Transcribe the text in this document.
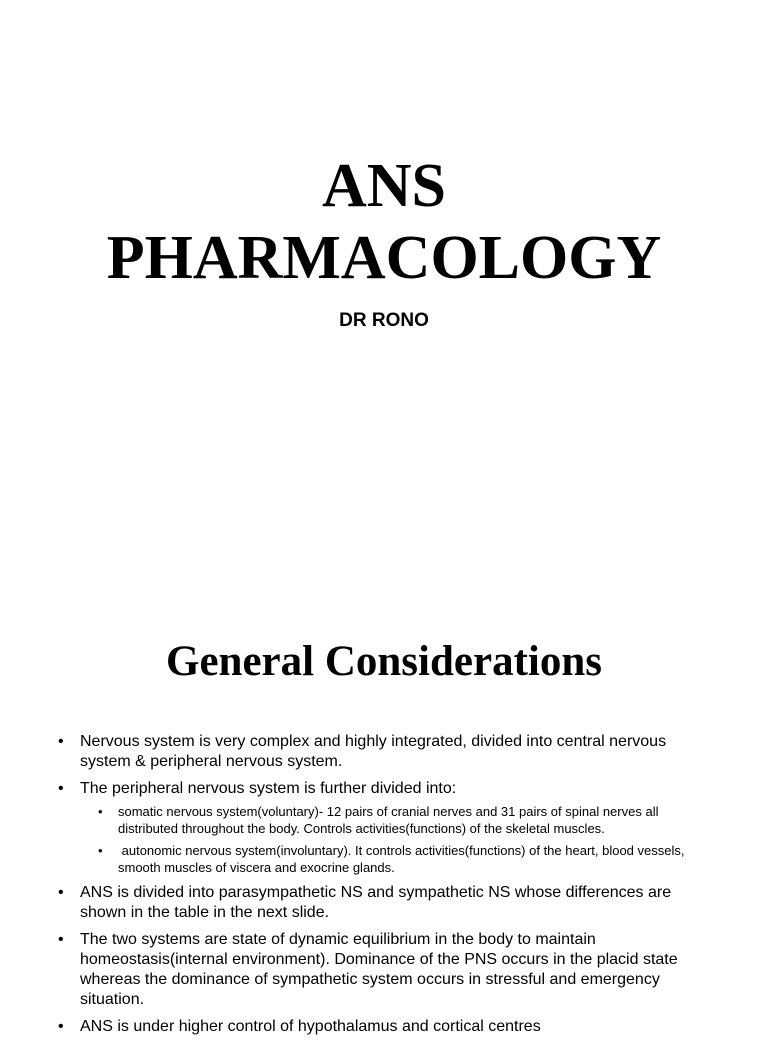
ANS
PHARMACOLOGY

DR RONO

General Considerations
• Nervous system is very complex and highly integrated, divided into central nervous system & peripheral nervous system.
• The peripheral nervous system is further divided into:
• somatic nervous system(voluntary)- 12 pairs of cranial nerves and 31 pairs of spinal nerves all distributed throughout the body. Controls activities(functions) of the skeletal muscles.
•  autonomic nervous system(involuntary). It controls activities(functions) of the heart, blood vessels, smooth muscles of viscera and exocrine glands.
• ANS is divided into parasympathetic NS and sympathetic NS whose differences are shown in the table in the next slide.
• The two systems are state of dynamic equilibrium in the body to maintain homeostasis(internal environment). Dominance of the PNS occurs in the placid state whereas the dominance of sympathetic system occurs in stressful and emergency situation.
• ANS is under higher control of hypothalamus and cortical centres
